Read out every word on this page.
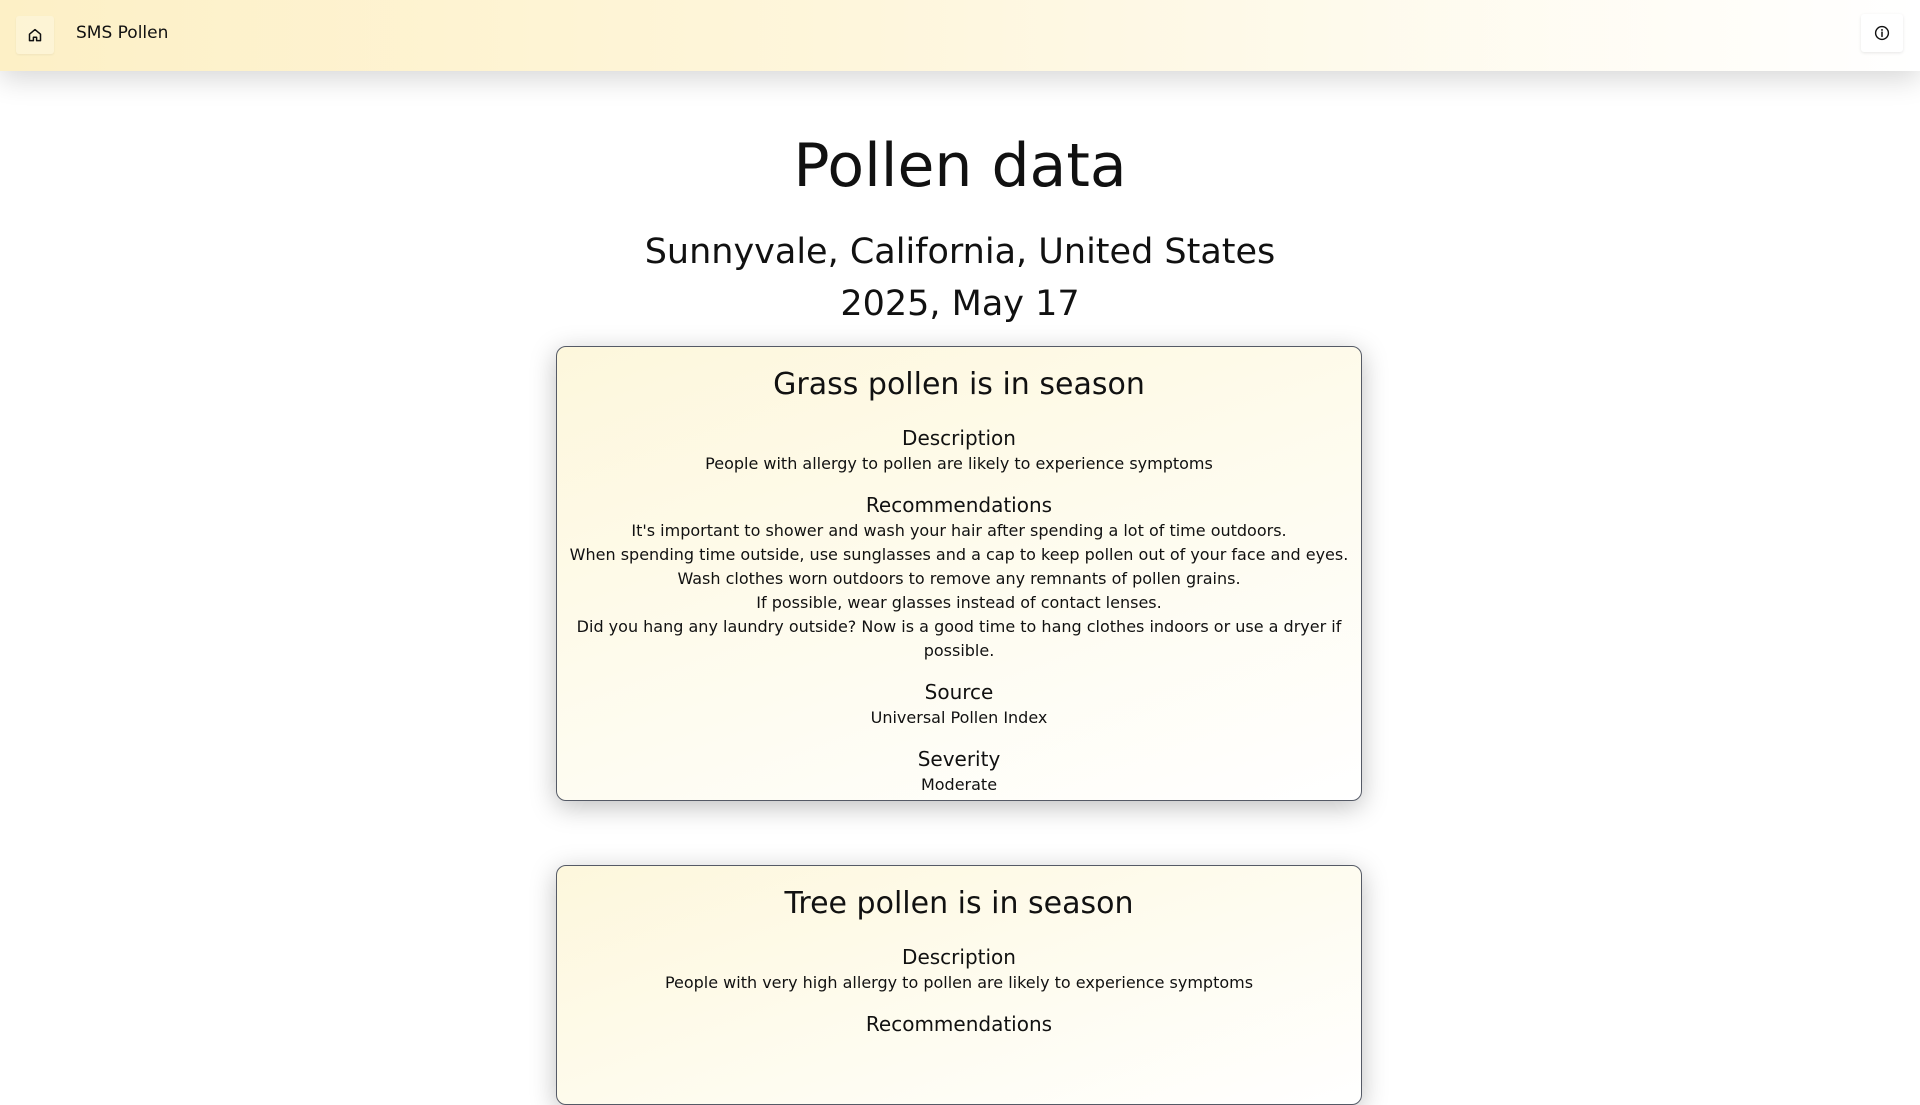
SMS Pollen
Pollen data
Sunnyvale, California, United States
2025, May 17
Grass pollen is in season
Description
People with allergy to pollen are likely to experience symptoms
Recommendations
It's important to shower and wash your hair after spending a lot of time outdoors.
When spending time outside, use sunglasses and a cap to keep pollen out of your face and eyes.
Wash clothes worn outdoors to remove any remnants of pollen grains.
If possible, wear glasses instead of contact lenses.
Did you hang any laundry outside? Now is a good time to hang clothes indoors or use a dryer if possible.
Source
Universal Pollen Index
Severity
Moderate
Tree pollen is in season
Description
People with very high allergy to pollen are likely to experience symptoms
Recommendations
